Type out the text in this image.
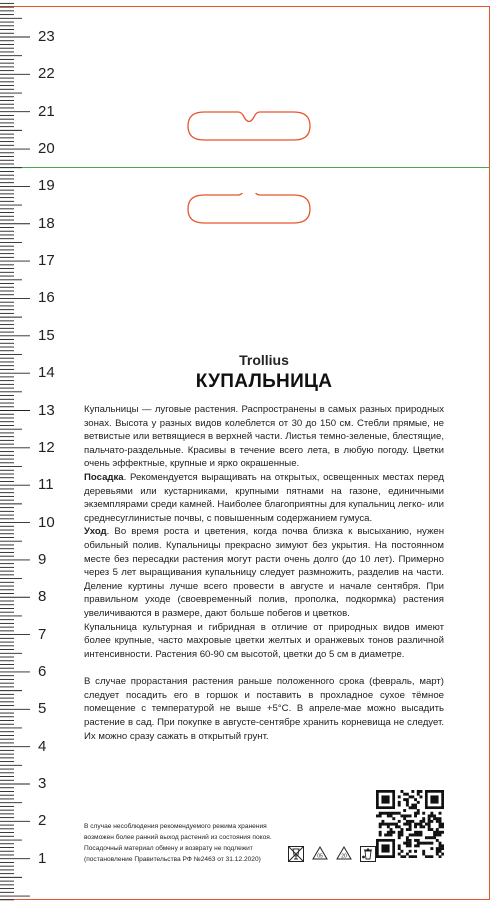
23
22
21
20
19
18
17
16
15
14
13
12
11
10
9
8
7
6
5
4
3
2
1
Trollius
КУПАЛЬНИЦА

Купальницы — луговые растения. Распространены в самых разных природных зонах. Высота у разных видов колеблется от 30 до 150 см. Стебли прямые, не ветвистые или ветвящиеся в верхней части. Листья темно-зеленые, блестящие, пальчато-раздельные. Красивы в течение всего лета, в любую погоду. Цветки очень эффектные, крупные и ярко окрашенные.

Посадка. Рекомендуется выращивать на открытых, освещенных местах перед деревьями или кустарниками, крупными пятнами на газоне, единичными экземплярами среди камней. Наиболее благоприятны для купальниц легко- или среднесуглинистые почвы, с повышенным содержанием гумуса.

Уход. Во время роста и цветения, когда почва близка к высыханию, нужен обильный полив. Купальницы прекрасно зимуют без укрытия. На постоянном месте без пересадки растения могут расти очень долго (до 10 лет). Примерно через 5 лет выращивания купальницу следует размножить, разделив на части. Деление куртины лучше всего провести в августе и начале сентября. При правильном уходе (своевременный полив, прополка, подкормка) растения увеличиваются в размере, дают больше побегов и цветков.

Купальница культурная и гибридная в отличие от природных видов имеют более крупные, часто махровые цветки желтых и оранжевых тонов различной интенсивности. Растения 60-90 см высотой, цветки до 5 см в диаметре.

В случае прорастания растения раньше положенного срока (февраль, март) следует посадить его в горшок и поставить в прохладное сухое тёмное помещение с температурой не выше +5°С. В апреле-мае можно высадить растение в сад. При покупке в августе-сентябре хранить корневища не следует. Их можно сразу сажать в открытый грунт.

В случае несоблюдения рекомендуемого режима хранения
возможен более ранний выход растений из состояния покоя.
Посадочный материал обмену и возврату не подлежит
(постановление Правительства РФ №2463 от 31.12.2020)	05	20
